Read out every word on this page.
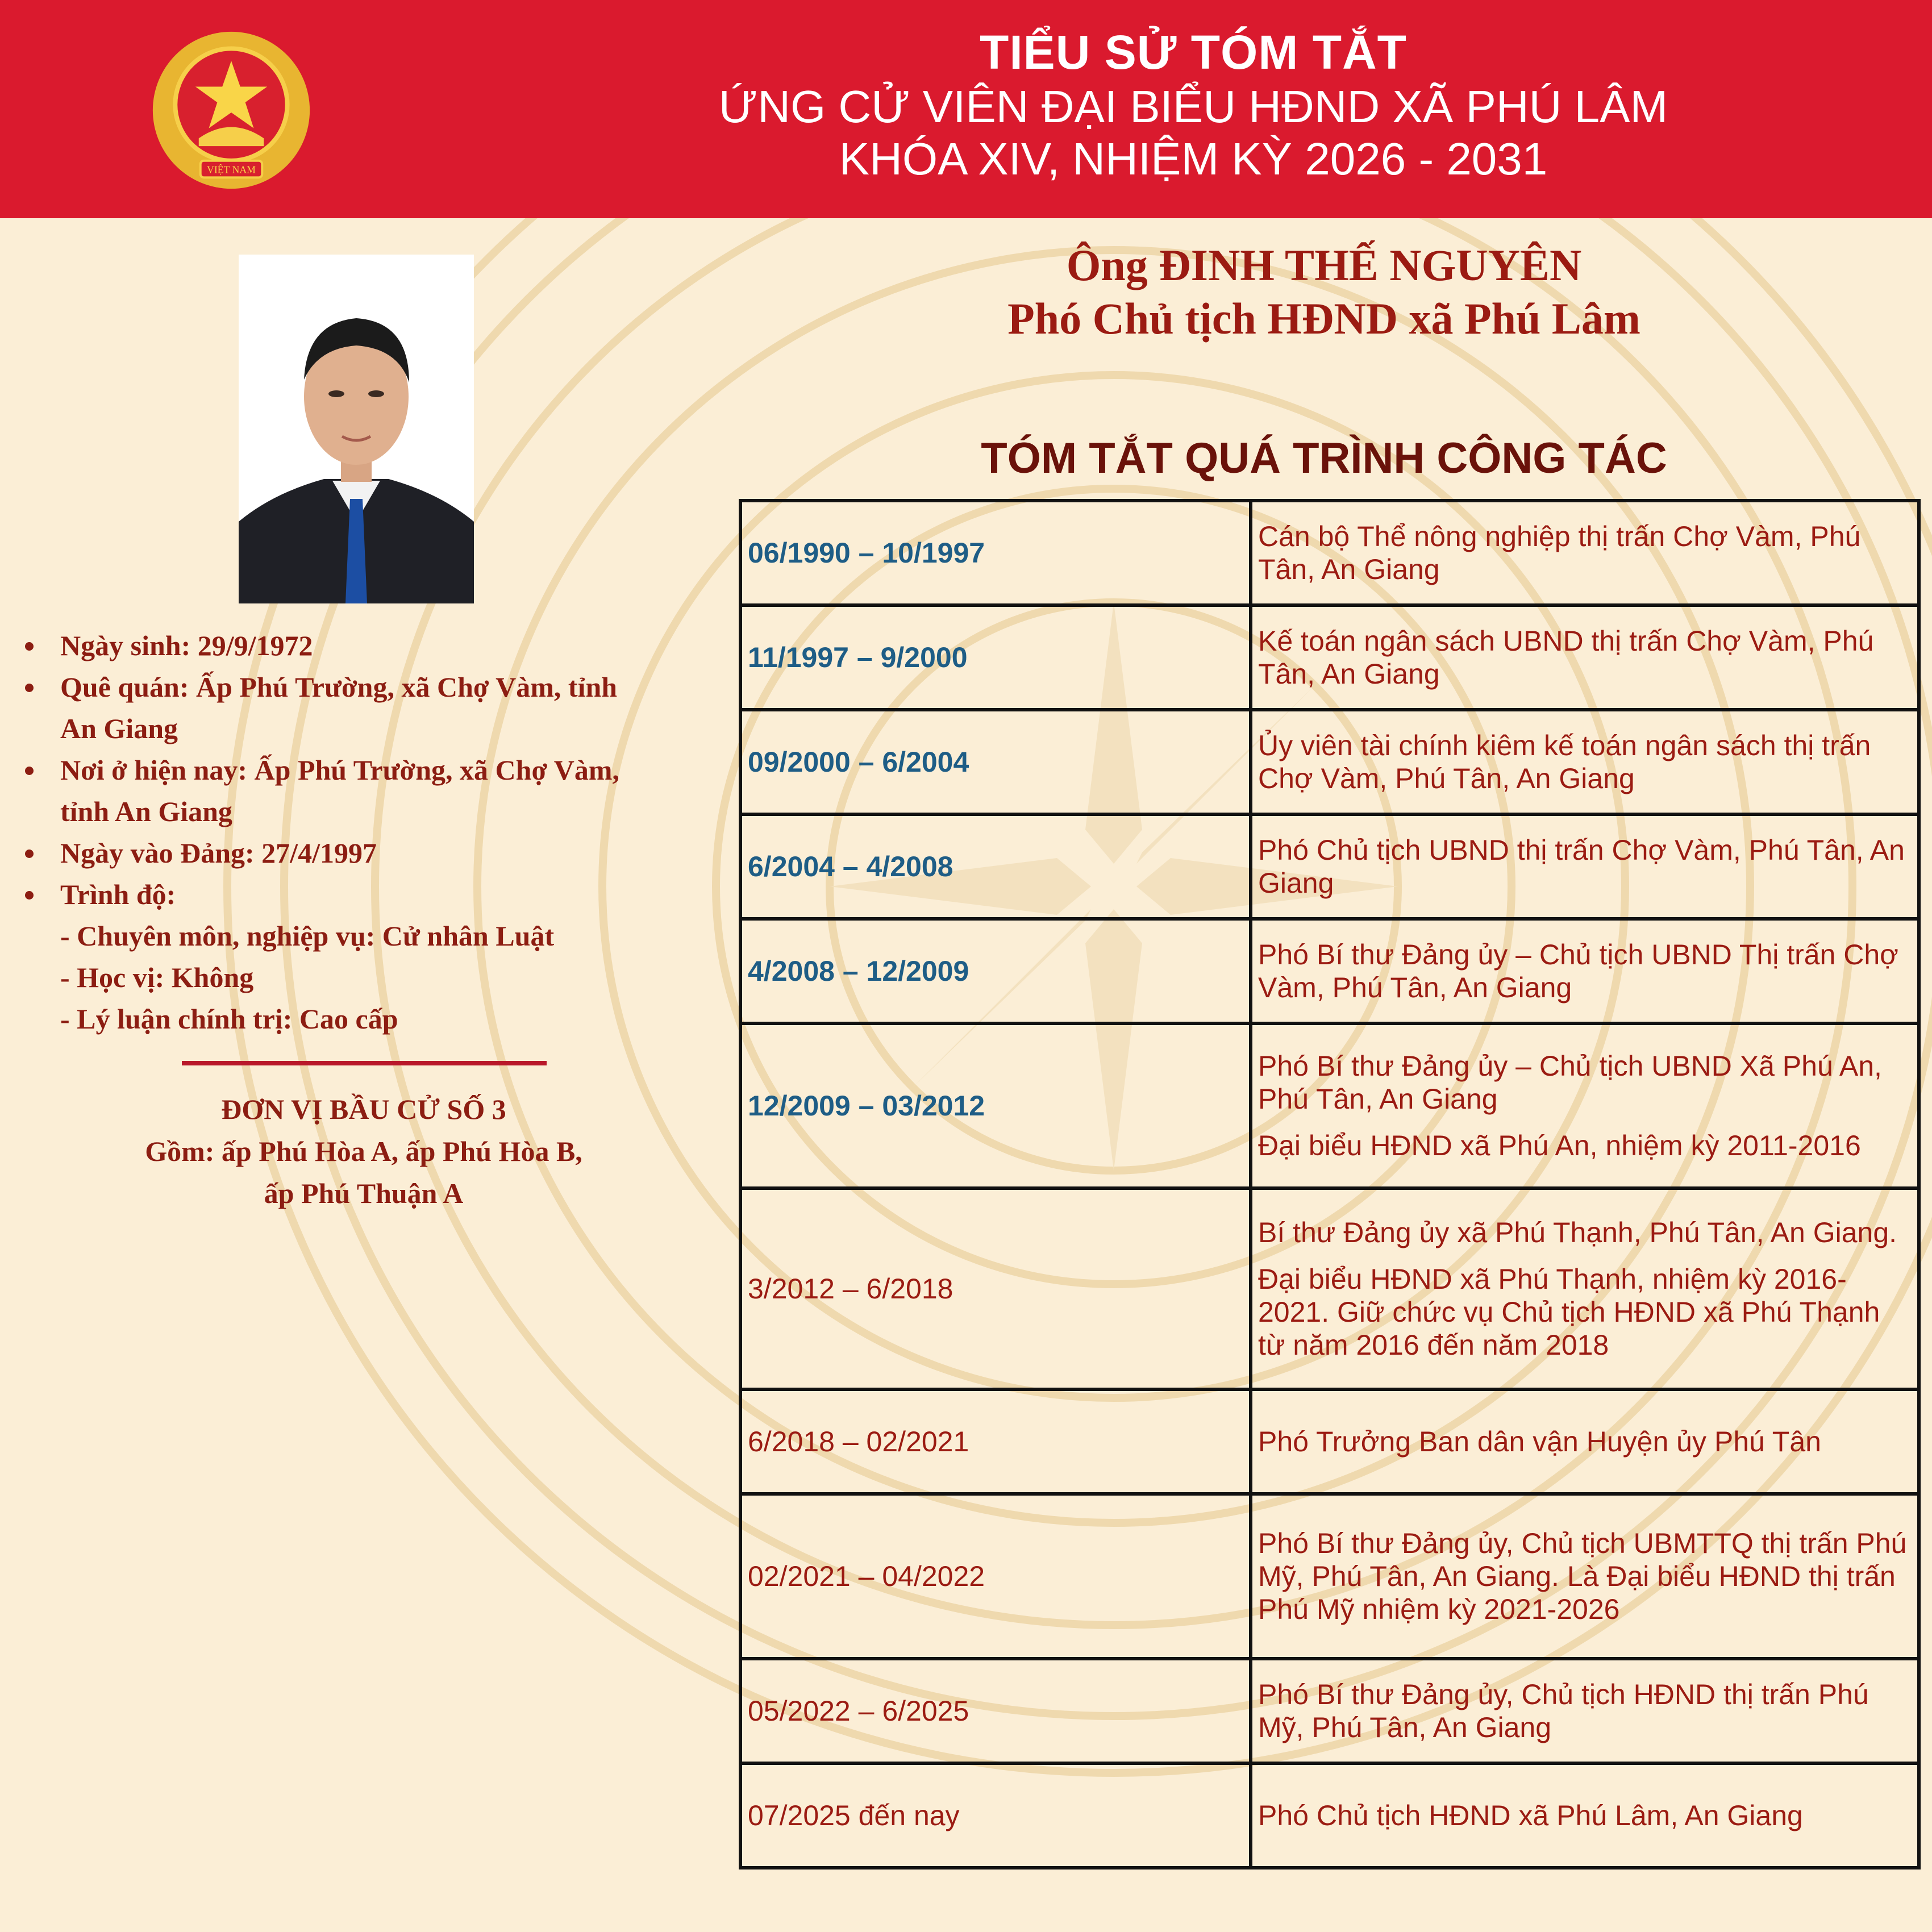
VIỆT NAM
TIỂU SỬ TÓM TẮT
ỨNG CỬ VIÊN ĐẠI BIỂU HĐND XÃ PHÚ LÂM
KHÓA XIV, NHIỆM KỲ 2026 - 2031
Ngày sinh: 29/9/1972
Quê quán: Ấp Phú Trường, xã Chợ Vàm, tỉnh
An Giang
Nơi ở hiện nay: Ấp Phú Trường, xã Chợ Vàm,
tỉnh An Giang
Ngày vào Đảng: 27/4/1997
Trình độ:
- Chuyên môn, nghiệp vụ: Cử nhân Luật
- Học vị: Không
- Lý luận chính trị: Cao cấp
ĐƠN VỊ BẦU CỬ SỐ 3
Gồm: ấp Phú Hòa A, ấp Phú Hòa B,
ấp Phú Thuận A
Ông ĐINH THẾ NGUYÊN
Phó Chủ tịch HĐND xã Phú Lâm
TÓM TẮT QUÁ TRÌNH CÔNG TÁC
06/1990 – 10/1997	Cán bộ Thể nông nghiệp thị trấn Chợ Vàm, Phú Tân, An Giang

11/1997 – 9/2000	Kế toán ngân sách UBND thị trấn Chợ Vàm, Phú Tân, An Giang

09/2000 – 6/2004	Ủy viên tài chính kiêm kế toán ngân sách thị trấn Chợ Vàm, Phú Tân, An Giang

6/2004 – 4/2008	Phó Chủ tịch UBND thị trấn Chợ Vàm, Phú Tân, An Giang

4/2008 – 12/2009	Phó Bí thư Đảng ủy – Chủ tịch UBND Thị trấn Chợ Vàm, Phú Tân, An Giang

12/2009 – 03/2012	Phó Bí thư Đảng ủy – Chủ tịch UBND Xã Phú An, Phú Tân, An Giang

Đại biểu HĐND xã Phú An, nhiệm kỳ 2011-2016

3/2012 – 6/2018	Bí thư Đảng ủy xã Phú Thạnh, Phú Tân, An Giang.

Đại biểu HĐND xã Phú Thạnh, nhiệm kỳ 2016-2021. Giữ chức vụ Chủ tịch HĐND xã Phú Thạnh từ năm 2016 đến năm 2018

6/2018 – 02/2021	Phó Trưởng Ban dân vận Huyện ủy Phú Tân

02/2021 – 04/2022	Phó Bí thư Đảng ủy, Chủ tịch UBMTTQ thị trấn Phú Mỹ, Phú Tân, An Giang. Là Đại biểu HĐND thị trấn Phú Mỹ nhiệm kỳ 2021-2026

05/2022 – 6/2025	Phó Bí thư Đảng ủy, Chủ tịch HĐND thị trấn Phú Mỹ, Phú Tân, An Giang

07/2025 đến nay	Phó Chủ tịch HĐND xã Phú Lâm, An Giang
